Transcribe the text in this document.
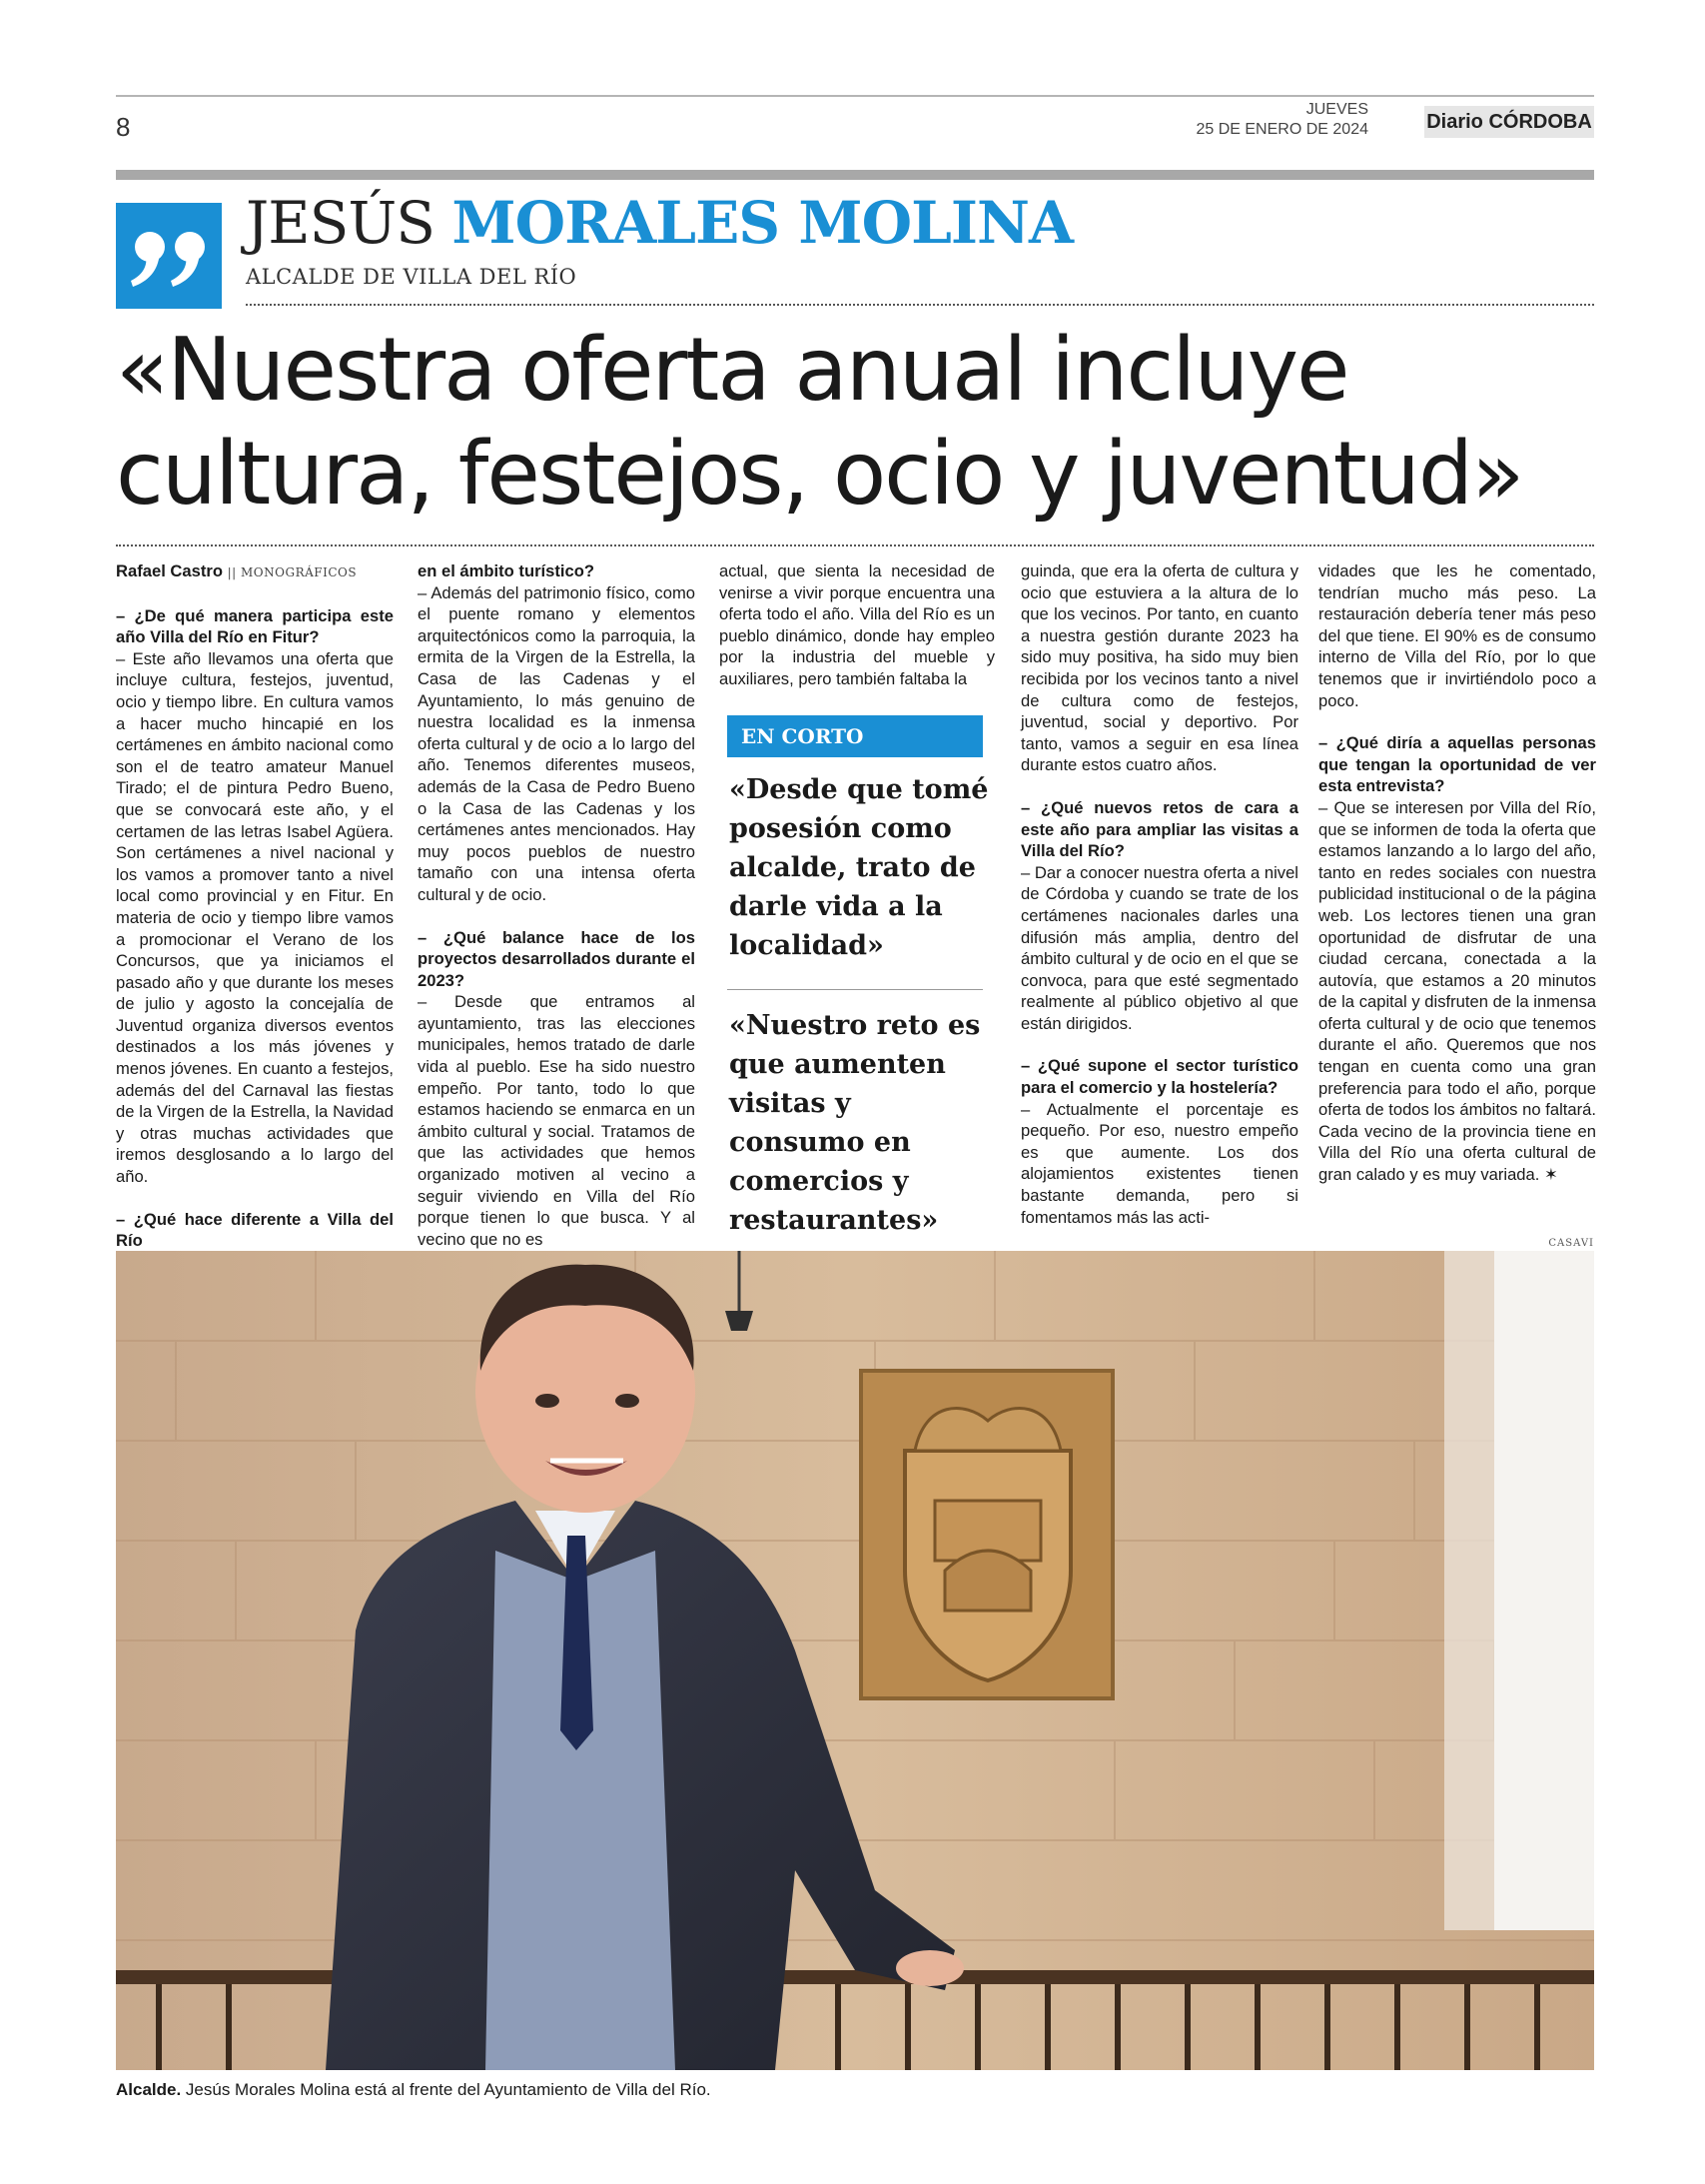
8
JUEVES
25 DE ENERO DE 2024	Diario CÓRDOBA
JESÚS MORALES MOLINA
ALCALDE DE VILLA DEL RÍO
«Nuestra oferta anual incluye
cultura, festejos, ocio y juventud»

Rafael Castro || MONOGRÁFICOS

– ¿De qué manera participa este año Villa del Río en Fitur?

– Este año llevamos una oferta que incluye cultura, festejos, juventud, ocio y tiempo libre. En cultura vamos a hacer mucho hincapié en los certámenes en ámbito nacional como son el de teatro amateur Manuel Tirado; el de pintura Pedro Bueno, que se convocará este año, y el certamen de las letras Isabel Agüera. Son certámenes a nivel nacional y los vamos a promover tanto a nivel local como provincial y en Fitur. En materia de ocio y tiempo libre vamos a promocionar el Verano de los Concursos, que ya iniciamos el pasado año y que durante los meses de julio y agosto la concejalía de Juventud organiza diversos eventos destinados a los más jóvenes y menos jóvenes. En cuanto a festejos, además del del Carnaval las fiestas de la Virgen de la Estrella, la Navidad y otras muchas actividades que iremos desglosando a lo largo del año.

– ¿Qué hace diferente a Villa del Río

en el ámbito turístico?

– Además del patrimonio físico, como el puente romano y elementos arquitectónicos como la parroquia, la ermita de la Virgen de la Estrella, la Casa de las Cadenas y el Ayuntamiento, lo más genuino de nuestra localidad es la inmensa oferta cultural y de ocio a lo largo del año. Tenemos diferentes museos, además de la Casa de Pedro Bueno o la Casa de las Cadenas y los certámenes antes mencionados. Hay muy pocos pueblos de nuestro tamaño con una intensa oferta cultural y de ocio.

– ¿Qué balance hace de los proyectos desarrollados durante el 2023?

– Desde que entramos al ayuntamiento, tras las elecciones municipales, hemos tratado de darle vida al pueblo. Ese ha sido nuestro empeño. Por tanto, todo lo que estamos haciendo se enmarca en un ámbito cultural y social. Tratamos de que las actividades que hemos organizado motiven al vecino a seguir viviendo en Villa del Río porque tienen lo que busca. Y al vecino que no es

actual, que sienta la necesidad de venirse a vivir porque encuentra una oferta todo el año. Villa del Río es un pueblo dinámico, donde hay empleo por la industria del mueble y auxiliares, pero también faltaba la

EN CORTO
«Desde que tomé posesión como alcalde, trato de darle vida a la localidad»
«Nuestro reto es que aumenten visitas y consumo en comercios y restaurantes»

guinda, que era la oferta de cultura y ocio que estuviera a la altura de lo que los vecinos. Por tanto, en cuanto a nuestra gestión durante 2023 ha sido muy positiva, ha sido muy bien recibida por los vecinos tanto a nivel de cultura como de festejos, juventud, social y deportivo. Por tanto, vamos a seguir en esa línea durante estos cuatro años.

– ¿Qué nuevos retos de cara a este año para ampliar las visitas a Villa del Río?

– Dar a conocer nuestra oferta a nivel de Córdoba y cuando se trate de los certámenes nacionales darles una difusión más amplia, dentro del ámbito cultural y de ocio en el que se convoca, para que esté segmentado realmente al público objetivo al que están dirigidos.

– ¿Qué supone el sector turístico para el comercio y la hostelería?

– Actualmente el porcentaje es pequeño. Por eso, nuestro empeño es que aumente. Los dos alojamientos existentes tienen bastante demanda, pero si fomentamos más las acti-

vidades que les he comentado, tendrían mucho más peso. La restauración debería tener más peso del que tiene. El 90% es de consumo interno de Villa del Río, por lo que tenemos que ir invirtiéndolo poco a poco.

– ¿Qué diría a aquellas personas que tengan la oportunidad de ver esta entrevista?

– Que se interesen por Villa del Río, que se informen de toda la oferta que estamos lanzando a lo largo del año, tanto en redes sociales con nuestra publicidad institucional o de la página web. Los lectores tienen una gran oportunidad de disfrutar de una ciudad cercana, conectada a la autovía, que estamos a 20 minutos de la capital y disfruten de la inmensa oferta cultural y de ocio que tenemos durante el año. Queremos que nos tengan en cuenta como una gran preferencia para todo el año, porque oferta de todos los ámbitos no faltará. Cada vecino de la provincia tiene en Villa del Río una oferta cultural de gran calado y es muy variada. ✶

CASAVI
Alcalde. Jesús Morales Molina está al frente del Ayuntamiento de Villa del Río.
